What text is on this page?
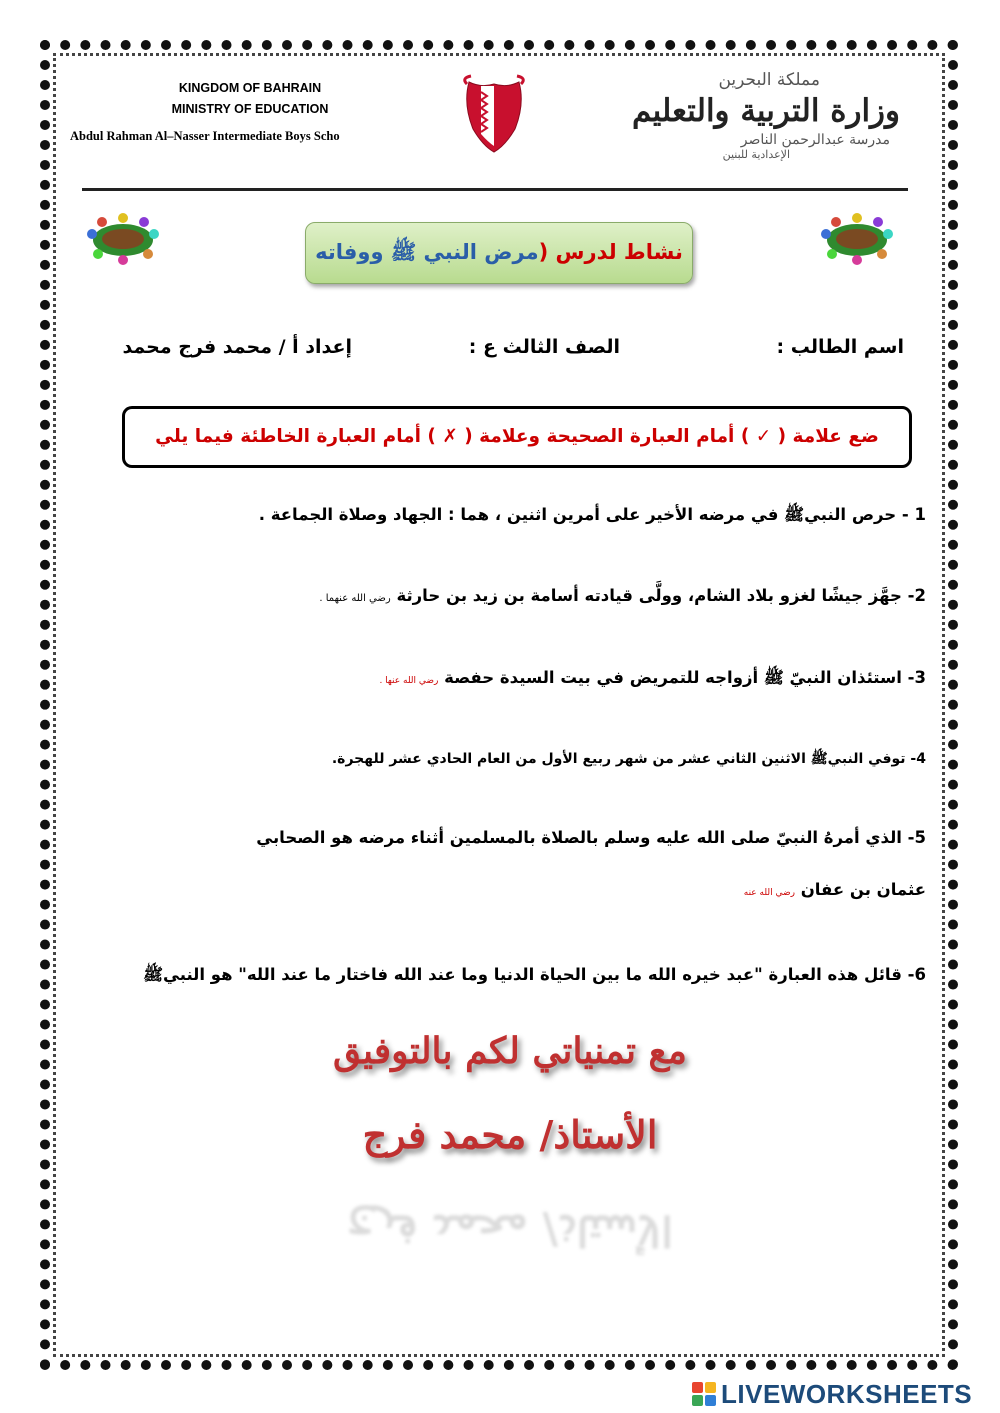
KINGDOM OF BAHRAIN
MINISTRY OF EDUCATION
Abdul Rahman Al–Nasser Intermediate Boys Scho
مملكة البحرين
وزارة التربية والتعليم
مدرسة عبدالرحمن الناصر
الإعدادية للبنين
نشاط لدرس (مرض النبي ﷺ ووفاته
اسم الطالب :
الصف الثالث ع :
إعداد أ / محمد فرج محمد
ضع علامة ( ✓ ) أمام العبارة الصحيحة وعلامة ( ✗ ) أمام العبارة الخاطئة فيما يلي
1 - حرص النبيﷺ في مرضه الأخير على أمرين اثنين ، هما : الجهاد وصلاة الجماعة .
2- جهَّز جيشًا لغزو بلاد الشام، وولَّى قيادته أسامة بن زيد بن حارثة رضي الله عنهما .
3- استئذان النبيّ ﷺ أزواجه للتمريض في بيت السيدة حفصة رضي الله عنها .
4- توفي النبيﷺ الاثنين الثاني عشر من شهر ربيع الأول من العام الحادي عشر للهجرة.
5- الذي أمرهُ النبيّ صلى الله عليه وسلم بالصلاة بالمسلمين أثناء مرضه هو الصحابي
عثمان بن عفان رضي الله عنه
6- قائل هذه العبارة "عبد خيره الله ما بين الحياة الدنيا وما عند الله فاختار ما عند الله" هو النبيﷺ
مع تمنياتي لكم بالتوفيق
الأستاذ/ محمد فرج
الأستاذ/ محمد فرج
LIVEWORKSHEETS
